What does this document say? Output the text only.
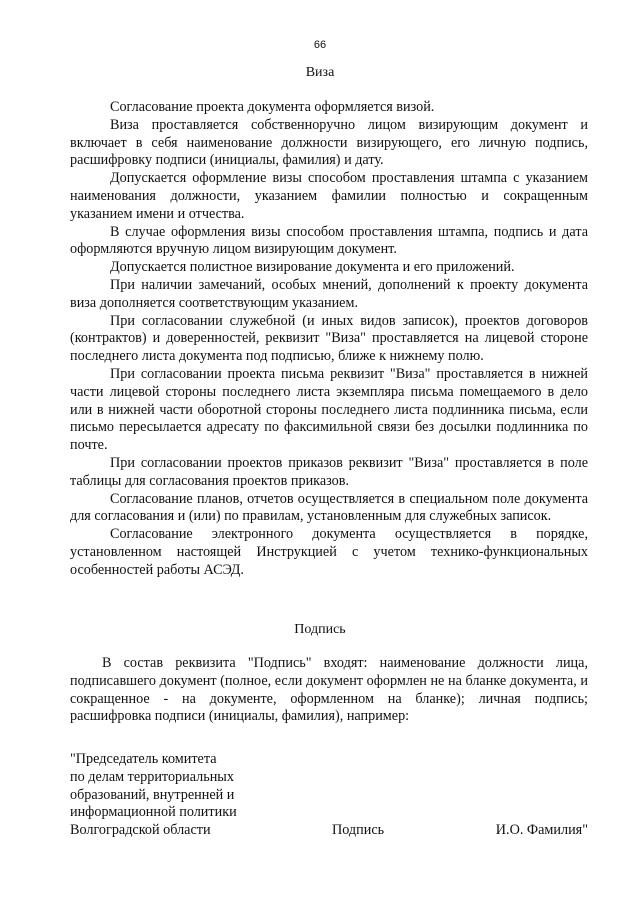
66
Виза

Согласование проекта документа оформляется визой.

Виза проставляется собственноручно лицом визирующим документ и включает в себя наименование должности визирующего, его личную подпись, расшифровку подписи (инициалы, фамилия) и дату.

Допускается оформление визы способом проставления штампа с указанием наименования должности, указанием фамилии полностью и сокращенным указанием имени и отчества.

В случае оформления визы способом проставления штампа, подпись и дата оформляются вручную лицом визирующим документ.

Допускается полистное визирование документа и его приложений.

При наличии замечаний, особых мнений, дополнений к проекту документа виза дополняется соответствующим указанием.

При согласовании служебной (и иных видов записок), проектов договоров (контрактов) и доверенностей, реквизит "Виза" проставляется на лицевой стороне последнего листа документа под подписью, ближе к нижнему полю.

При согласовании проекта письма реквизит "Виза" проставляется в нижней части лицевой стороны последнего листа экземпляра письма помещаемого в дело или в нижней части оборотной стороны последнего листа подлинника письма, если письмо пересылается адресату по факсимильной связи без досылки подлинника по почте.

При согласовании проектов приказов реквизит "Виза" проставляется в поле таблицы для согласования проектов приказов.

Согласование планов, отчетов осуществляется в специальном поле документа для согласования и (или) по правилам, установленным для служебных записок.

Согласование электронного документа осуществляется в порядке, установленном настоящей Инструкцией с учетом технико-функциональных особенностей работы АСЭД.

Подпись

В состав реквизита "Подпись" входят: наименование должности лица, подписавшего документ (полное, если документ оформлен не на бланке документа, и сокращенное - на документе, оформленном на бланке); личная подпись; расшифровка подписи (инициалы, фамилия), например:

"Председатель комитета
по делам территориальных
образований, внутренней и
информационной политики
Волгоградской области	Подпись	И.О. Фамилия"
